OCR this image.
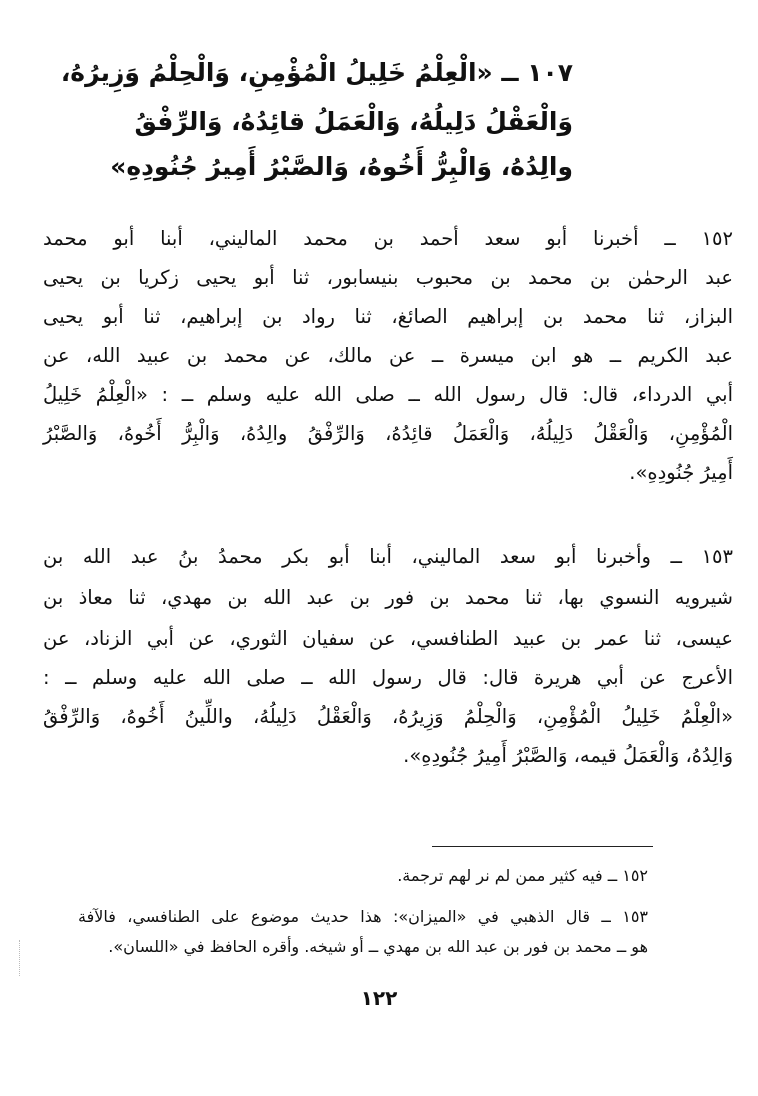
١٠٧ ــ «الْعِلْمُ خَلِيلُ الْمُؤْمِنِ، وَالْحِلْمُ وَزِيرُهُ،
وَالْعَقْلُ دَلِيلُهُ، وَالْعَمَلُ قائِدُهُ، وَالرِّفْقُ
والِدُهُ، وَالْبِرُّ أَخُوهُ، وَالصَّبْرُ أَمِيرُ جُنُودِهِ»
١٥٢ ــ أخبرنا أبو سعد أحمد بن محمد الماليني، أبنا أبو محمد
عبد الرحمٰن بن محمد بن محبوب بنيسابور، ثنا أبو يحيى زكريا بن يحيى
البزاز، ثنا محمد بن إبراهيم الصائغ، ثنا رواد بن إبراهيم، ثنا أبو يحيى
عبد الكريم ــ هو ابن ميسرة ــ عن مالك، عن محمد بن عبيد الله، عن
أبي الدرداء، قال: قال رسول الله ــ صلى الله عليه وسلم ــ : «الْعِلْمُ خَلِيلُ
الْمُؤْمِنِ، وَالْعَقْلُ دَلِيلُهُ، وَالْعَمَلُ قائِدُهُ، وَالرِّفْقُ والِدُهُ، وَالْبِرُّ أَخُوهُ، وَالصَّبْرُ
أَمِيرُ جُنُودِهِ».
١٥٣ ــ وأخبرنا أبو سعد الماليني، أبنا أبو بكر محمدُ بنُ عبد الله بن
شيرويه النسوي بها، ثنا محمد بن فور بن عبد الله بن مهدي، ثنا معاذ بن
عيسى، ثنا عمر بن عبيد الطنافسي، عن سفيان الثوري، عن أبي الزناد، عن
الأعرج عن أبي هريرة قال: قال رسول الله ــ صلى الله عليه وسلم ــ :
«الْعِلْمُ خَلِيلُ الْمُؤْمِنِ، وَالْحِلْمُ وَزِيرُهُ، وَالْعَقْلُ دَلِيلُهُ، واللِّينُ أَخُوهُ، وَالرِّفْقُ
وَالِدُهُ، وَالْعَمَلُ قيمه، وَالصَّبْرُ أَمِيرُ جُنُودِهِ».
١٥٢ ــ فيه كثير ممن لم نر لهم ترجمة.
١٥٣ ــ قال الذهبي في «الميزان»: هذا حديث موضوع على الطنافسي، فالآفة
هو ــ محمد بن فور بن عبد الله بن مهدي ــ أو شيخه. وأقره الحافظ في «اللسان».
١٢٢
